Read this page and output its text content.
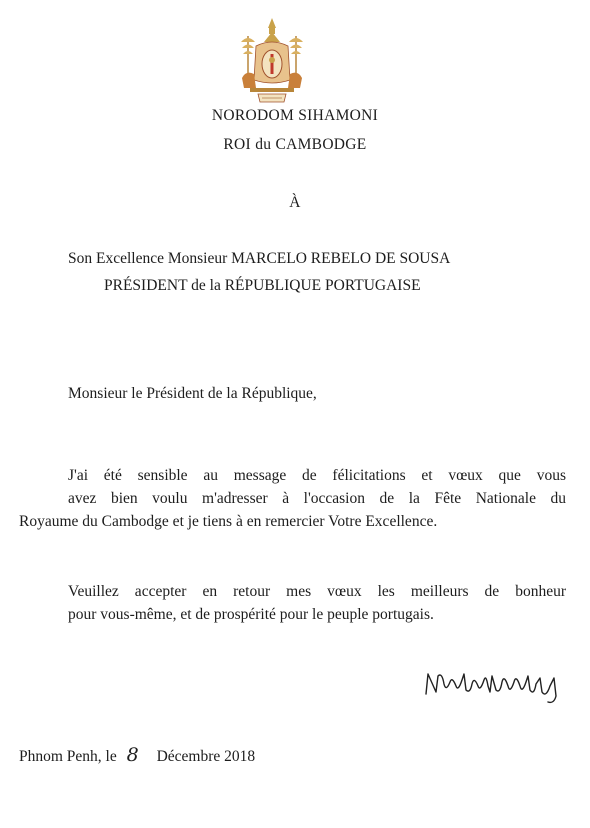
NORODOM SIHAMONI
ROI du CAMBODGE
À
Son Excellence Monsieur MARCELO REBELO DE SOUSA
PRÉSIDENT de la RÉPUBLIQUE PORTUGAISE
Monsieur le Président de la République,
J'ai été sensible au message de félicitations et vœux que vous
avez bien voulu m'adresser à l'occasion de la Fête Nationale du
Royaume du Cambodge et je tiens à en remercier Votre Excellence.
Veuillez accepter en retour mes vœux les meilleurs de bonheur
pour vous-même, et de prospérité pour le peuple portugais.
Phnom Penh, le 8 Décembre 2018
